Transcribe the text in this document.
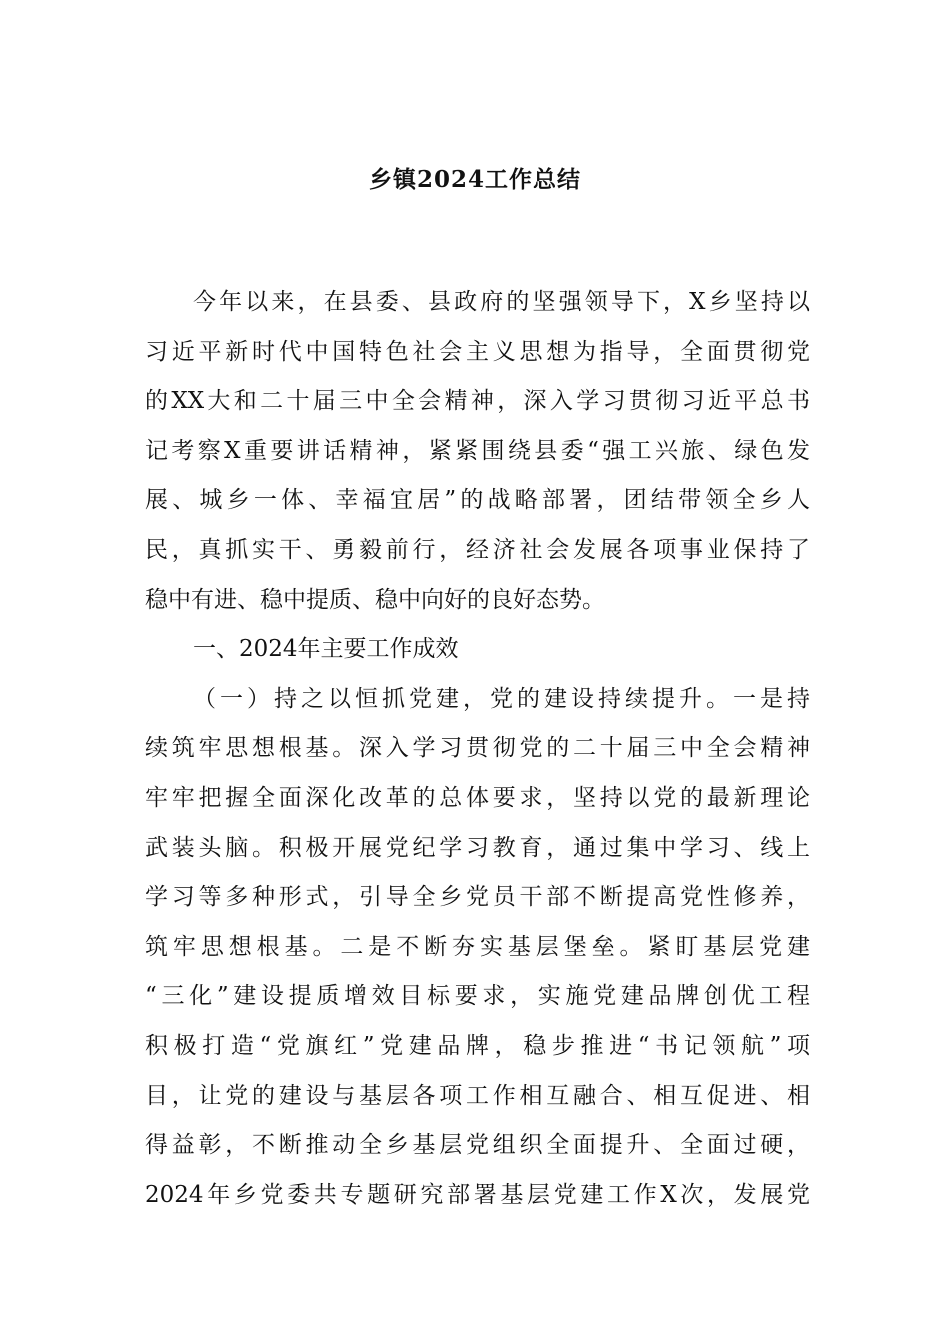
乡镇2024工作总结
今年以来，在县委、县政府的坚强领导下，X乡坚持以
习近平新时代中国特色社会主义思想为指导，全面贯彻党
的XX大和二十届三中全会精神，深入学习贯彻习近平总书
记考察X重要讲话精神，紧紧围绕县委“强工兴旅、绿色发
展、城乡一体、幸福宜居”的战略部署，团结带领全乡人
民，真抓实干、勇毅前行，经济社会发展各项事业保持了
稳中有进、稳中提质、稳中向好的良好态势。
一、2024年主要工作成效
（一）持之以恒抓党建，党的建设持续提升。一是持
续筑牢思想根基。深入学习贯彻党的二十届三中全会精神
牢牢把握全面深化改革的总体要求，坚持以党的最新理论
武装头脑。积极开展党纪学习教育，通过集中学习、线上
学习等多种形式，引导全乡党员干部不断提高党性修养，
筑牢思想根基。二是不断夯实基层堡垒。紧盯基层党建
“三化”建设提质增效目标要求，实施党建品牌创优工程
积极打造“党旗红”党建品牌，稳步推进“书记领航”项
目，让党的建设与基层各项工作相互融合、相互促进、相
得益彰，不断推动全乡基层党组织全面提升、全面过硬，
2024年乡党委共专题研究部署基层党建工作X次，发展党
